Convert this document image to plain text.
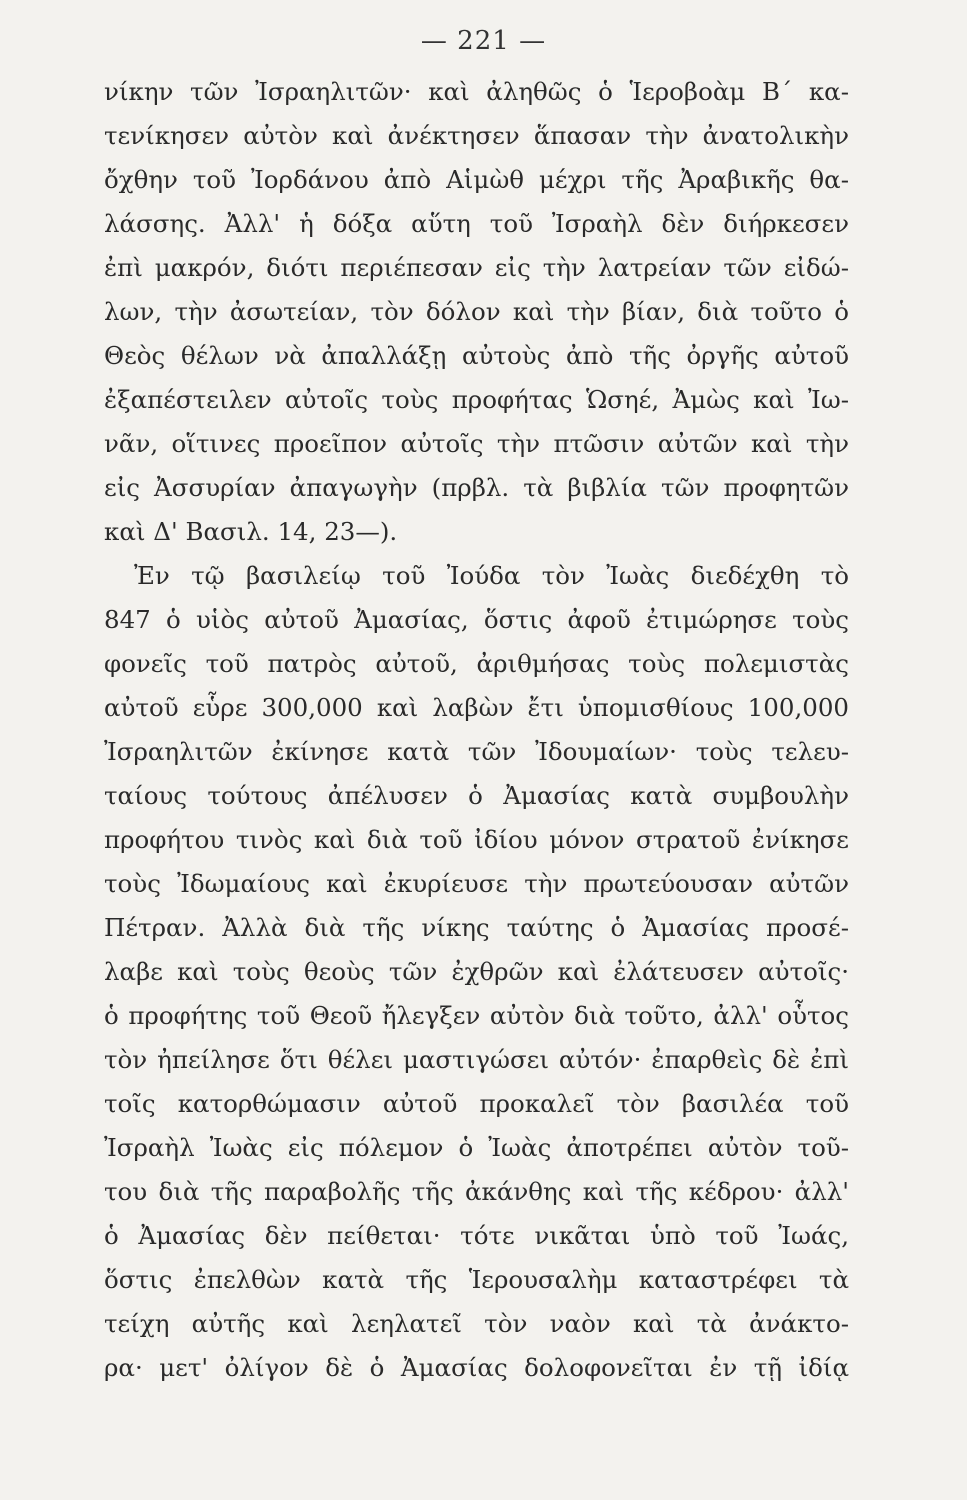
— 221 —
νίκην τῶν Ἰσραηλιτῶν· καὶ ἀληθῶς ὁ Ἱεροβοὰμ Β΄ κα-
τενίκησεν αὐτὸν καὶ ἀνέκτησεν ἅπασαν τὴν ἀνατολικὴν
ὄχθην τοῦ Ἰορδάνου ἀπὸ Αἱμὼθ μέχρι τῆς Ἀραβικῆς θα-
λάσσης. Ἀλλ' ἡ δόξα αὕτη τοῦ Ἰσραὴλ δὲν διήρκεσεν
ἐπὶ μακρόν, διότι περιέπεσαν εἰς τὴν λατρείαν τῶν εἰδώ-
λων, τὴν ἀσωτείαν, τὸν δόλον καὶ τὴν βίαν, διὰ τοῦτο ὁ
Θεὸς θέλων νὰ ἀπαλλάξῃ αὐτοὺς ἀπὸ τῆς ὀργῆς αὐτοῦ
ἐξαπέστειλεν αὐτοῖς τοὺς προφήτας Ὡσηέ, Ἀμὼς καὶ Ἰω-
νᾶν, οἵτινες προεῖπον αὐτοῖς τὴν πτῶσιν αὐτῶν καὶ τὴν
εἰς Ἀσσυρίαν ἀπαγωγὴν (πρβλ. τὰ βιβλία τῶν προφητῶν
καὶ Δ' Βασιλ. 14, 23—).
Ἐν τῷ βασιλείῳ τοῦ Ἰούδα τὸν Ἰωὰς διεδέχθη τὸ
847 ὁ υἱὸς αὐτοῦ Ἀμασίας, ὅστις ἀφοῦ ἐτιμώρησε τοὺς
φονεῖς τοῦ πατρὸς αὐτοῦ, ἀριθμήσας τοὺς πολεμιστὰς
αὐτοῦ εὗρε 300,000 καὶ λαβὼν ἔτι ὑπομισθίους 100,000
Ἰσραηλιτῶν ἐκίνησε κατὰ τῶν Ἰδουμαίων· τοὺς τελευ-
ταίους τούτους ἀπέλυσεν ὁ Ἀμασίας κατὰ συμβουλὴν
προφήτου τινὸς καὶ διὰ τοῦ ἰδίου μόνον στρατοῦ ἐνίκησε
τοὺς Ἰδωμαίους καὶ ἐκυρίευσε τὴν πρωτεύουσαν αὐτῶν
Πέτραν. Ἀλλὰ διὰ τῆς νίκης ταύτης ὁ Ἀμασίας προσέ-
λαβε καὶ τοὺς θεοὺς τῶν ἐχθρῶν καὶ ἐλάτευσεν αὐτοῖς·
ὁ προφήτης τοῦ Θεοῦ ἤλεγξεν αὐτὸν διὰ τοῦτο, ἀλλ' οὗτος
τὸν ἠπείλησε ὅτι θέλει μαστιγώσει αὐτόν· ἐπαρθεὶς δὲ ἐπὶ
τοῖς κατορθώμασιν αὐτοῦ προκαλεῖ τὸν βασιλέα τοῦ
Ἰσραὴλ Ἰωὰς εἰς πόλεμον ὁ Ἰωὰς ἀποτρέπει αὐτὸν τοῦ-
του διὰ τῆς παραβολῆς τῆς ἀκάνθης καὶ τῆς κέδρου· ἀλλ'
ὁ Ἀμασίας δὲν πείθεται· τότε νικᾶται ὑπὸ τοῦ Ἰωάς,
ὅστις ἐπελθὼν κατὰ τῆς Ἱερουσαλὴμ καταστρέφει τὰ
τείχη αὐτῆς καὶ λεηλατεῖ τὸν ναὸν καὶ τὰ ἀνάκτο-
ρα· μετ' ὀλίγον δὲ ὁ Ἀμασίας δολοφονεῖται ἐν τῇ ἰδίᾳ
